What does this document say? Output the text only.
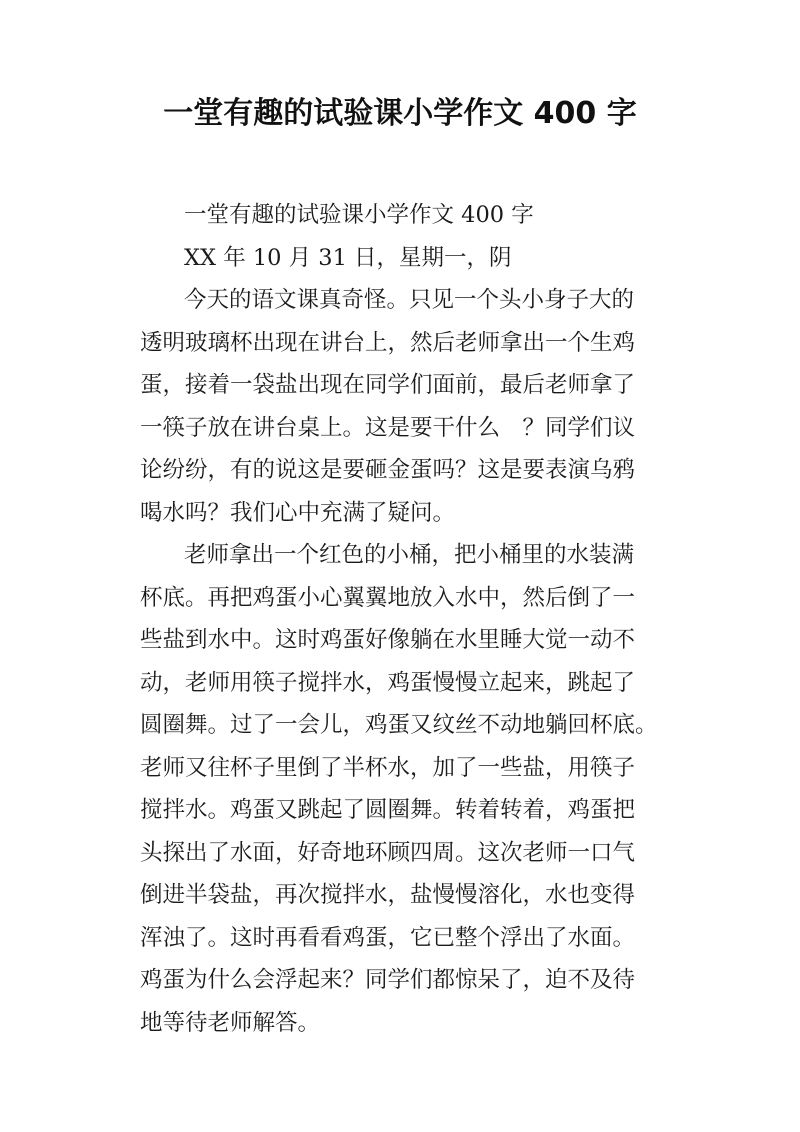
一堂有趣的试验课小学作文 400 字
一堂有趣的试验课小学作文 400 字
XX 年 10 月 31 日，星期一，阴
今天的语文课真奇怪。只见一个头小身子大的
透明玻璃杯出现在讲台上，然后老师拿出一个生鸡
蛋，接着一袋盐出现在同学们面前，最后老师拿了
一筷子放在讲台桌上。这是要干什么　？同学们议
论纷纷，有的说这是要砸金蛋吗？这是要表演乌鸦
喝水吗？我们心中充满了疑问。
老师拿出一个红色的小桶，把小桶里的水装满
杯底。再把鸡蛋小心翼翼地放入水中，然后倒了一
些盐到水中。这时鸡蛋好像躺在水里睡大觉一动不
动，老师用筷子搅拌水，鸡蛋慢慢立起来，跳起了
圆圈舞。过了一会儿，鸡蛋又纹丝不动地躺回杯底。
老师又往杯子里倒了半杯水，加了一些盐，用筷子
搅拌水。鸡蛋又跳起了圆圈舞。转着转着，鸡蛋把
头探出了水面，好奇地环顾四周。这次老师一口气
倒进半袋盐，再次搅拌水，盐慢慢溶化，水也变得
浑浊了。这时再看看鸡蛋，它已整个浮出了水面。
鸡蛋为什么会浮起来？同学们都惊呆了，迫不及待
地等待老师解答。
